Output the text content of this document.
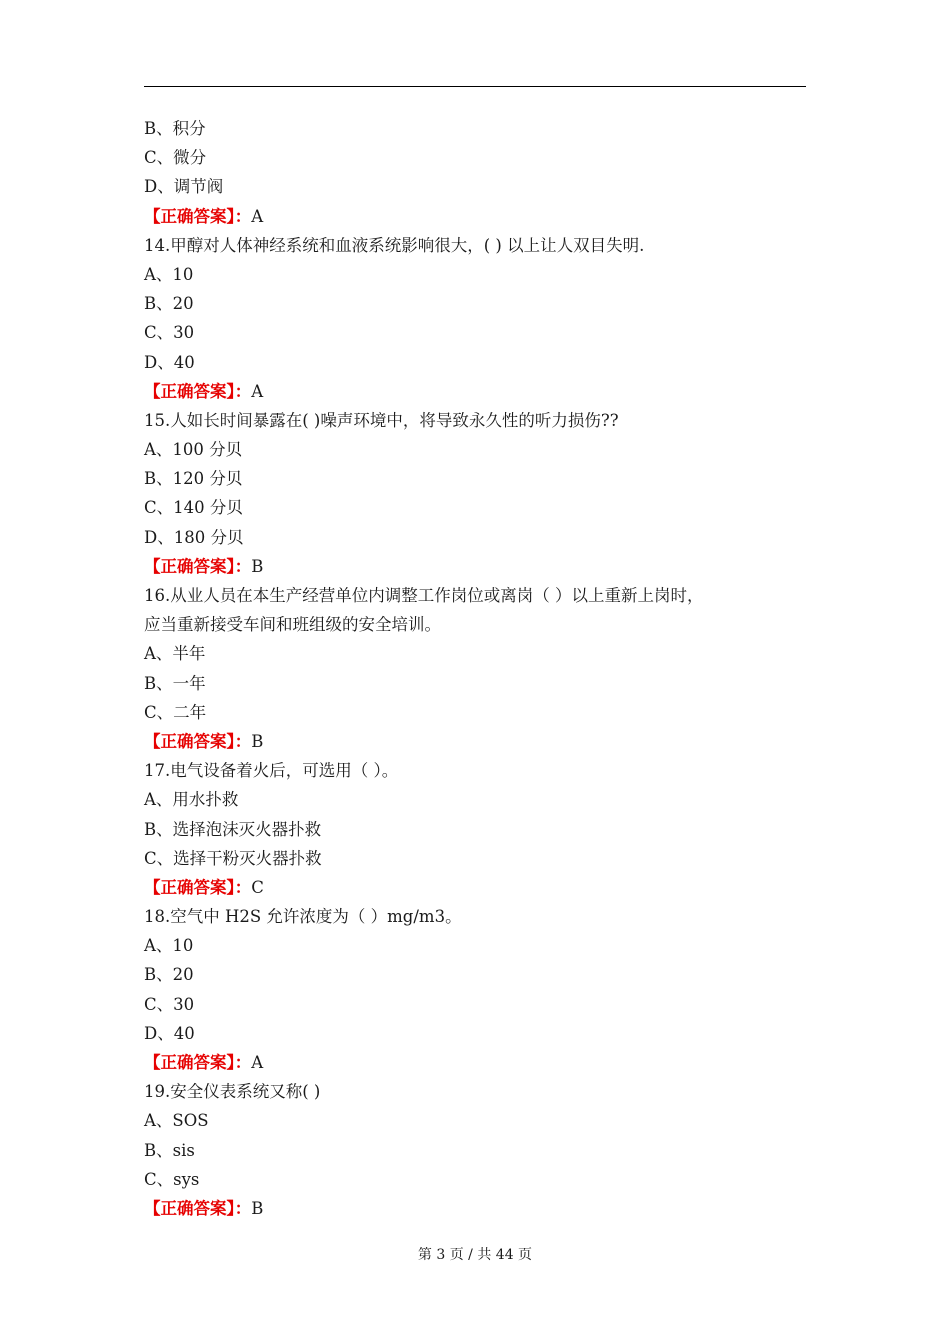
B、积分
C、微分
D、调节阀
【正确答案】：A
14.甲醇对人体神经系统和血液系统影响很大，( ) 以上让人双目失明.
A、10
B、20
C、30
D、40
【正确答案】：A
15.人如长时间暴露在( )噪声环境中，将导致永久性的听力损伤??
A、100 分贝
B、120 分贝
C、140 分贝
D、180 分贝
【正确答案】：B
16.从业人员在本生产经营单位内调整工作岗位或离岗（ ）以上重新上岗时，
应当重新接受车间和班组级的安全培训。
A、半年
B、一年
C、二年
【正确答案】：B
17.电气设备着火后，可选用（ ）。
A、用水扑救
B、选择泡沫灭火器扑救
C、选择干粉灭火器扑救
【正确答案】：C
18.空气中 H2S 允许浓度为（ ）mg/m3。
A、10
B、20
C、30
D、40
【正确答案】：A
19.安全仪表系统又称( )
A、SOS
B、sis
C、sys
【正确答案】：B
第 3 页 / 共 44 页
